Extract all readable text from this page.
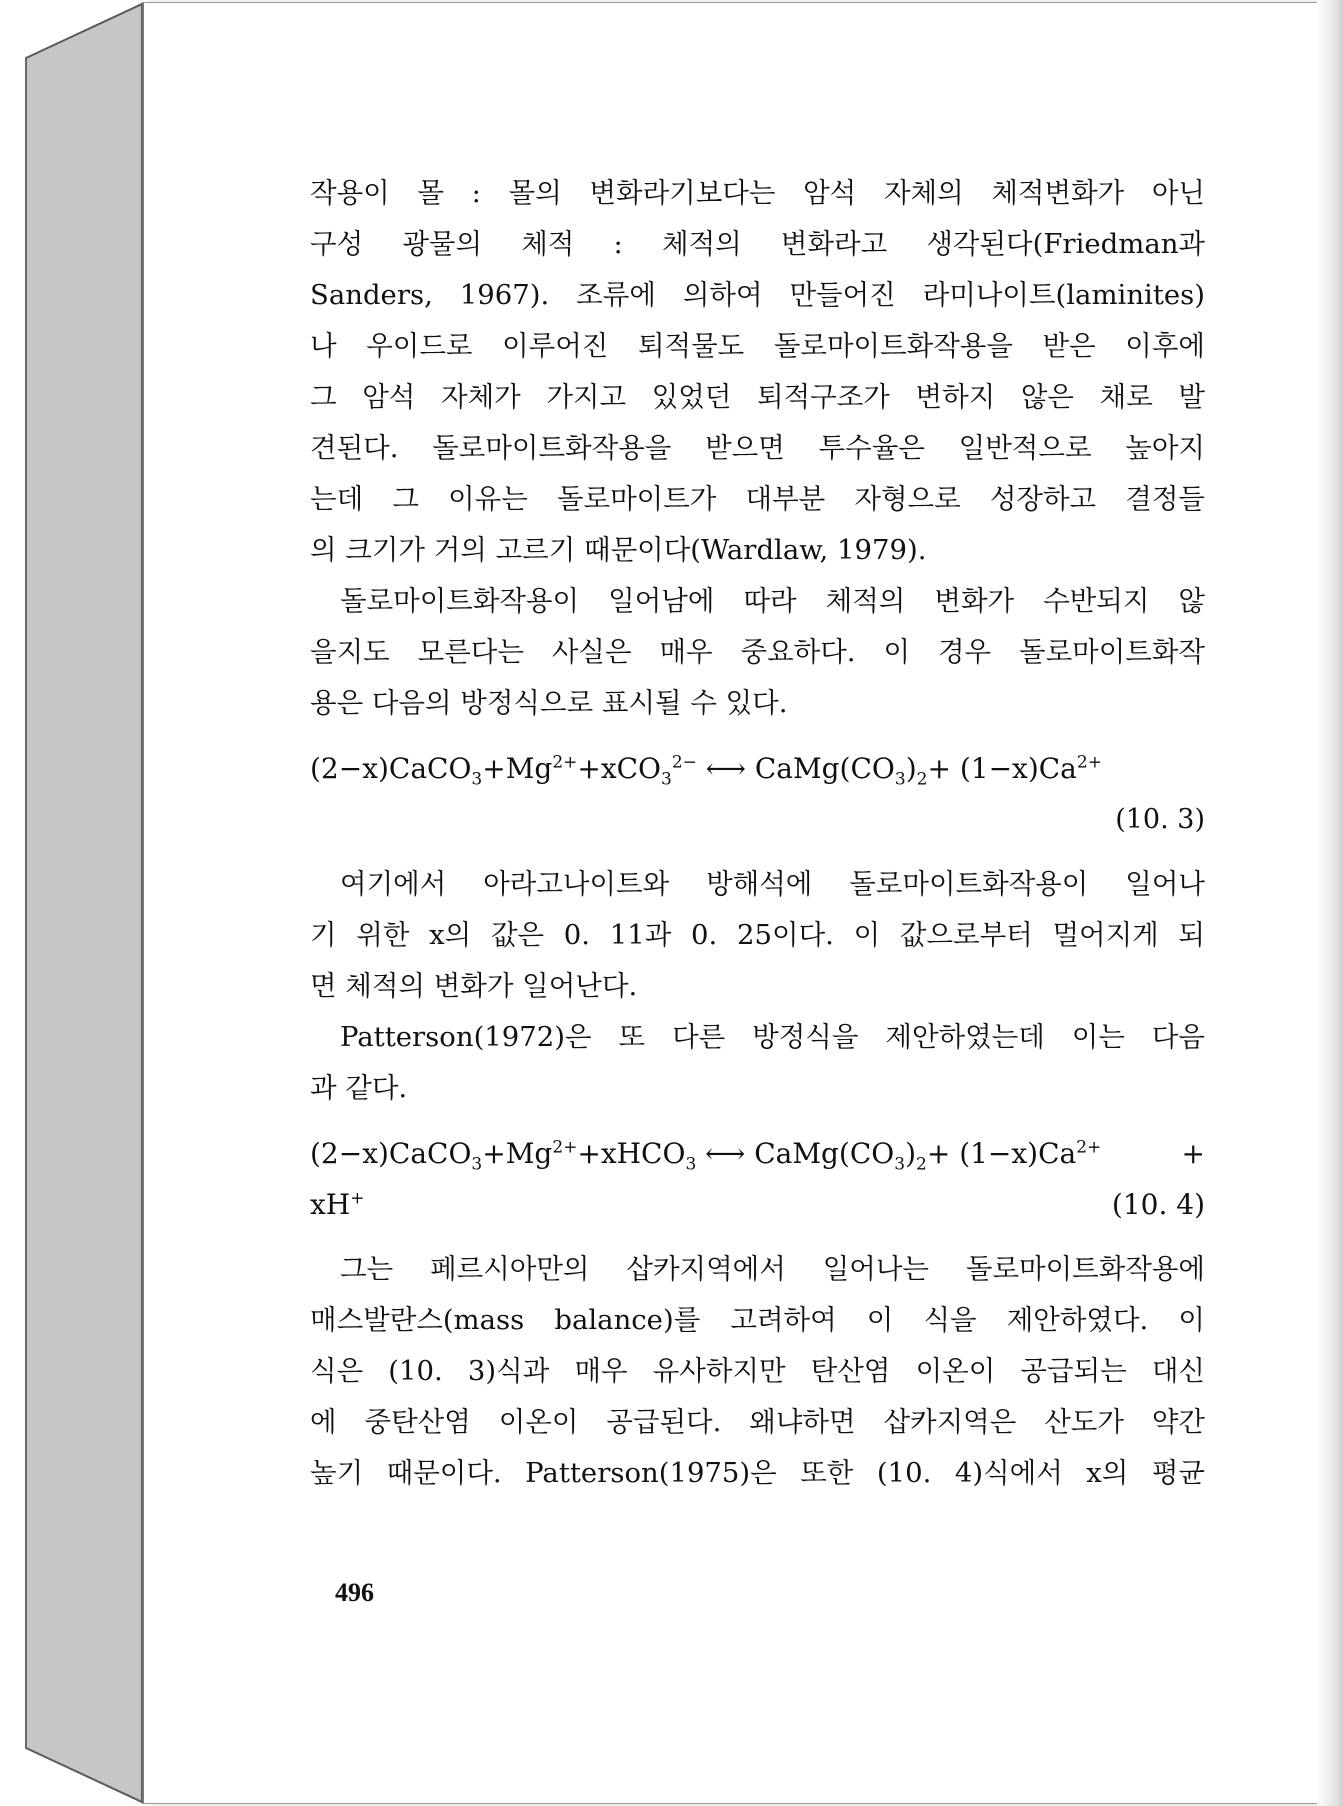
작용이 몰 : 몰의 변화라기보다는 암석 자체의 체적변화가 아닌
구성 광물의 체적 : 체적의 변화라고 생각된다(Friedman과
Sanders, 1967). 조류에 의하여 만들어진 라미나이트(laminites)
나 우이드로 이루어진 퇴적물도 돌로마이트화작용을 받은 이후에
그 암석 자체가 가지고 있었던 퇴적구조가 변하지 않은 채로 발
견된다. 돌로마이트화작용을 받으면 투수율은 일반적으로 높아지
는데 그 이유는 돌로마이트가 대부분 자형으로 성장하고 결정들
의 크기가 거의 고르기 때문이다(Wardlaw, 1979).
돌로마이트화작용이 일어남에 따라 체적의 변화가 수반되지 않
을지도 모른다는 사실은 매우 중요하다. 이 경우 돌로마이트화작
용은 다음의 방정식으로 표시될 수 있다.
$(2-x)CaCO_3+Mg^{2+}+xCO_3^{2-}$ ⟷ $CaMg(CO_3)_2+ (1-x)Ca^{2+}$
(10. 3)
여기에서 아라고나이트와 방해석에 돌로마이트화작용이 일어나
기 위한 x의 값은 0. 11과 0. 25이다. 이 값으로부터 멀어지게 되
면 체적의 변화가 일어난다.
Patterson(1972)은 또 다른 방정식을 제안하였는데 이는 다음
과 같다.
$(2-x)CaCO_3+Mg^{2+}+xHCO_3$ ⟷ $CaMg(CO_3)_2+ (1-x)Ca^{2+}$	+
xH+	(10. 4)
그는 페르시아만의 삽카지역에서 일어나는 돌로마이트화작용에
매스발란스(mass balance)를 고려하여 이 식을 제안하였다. 이
식은 (10. 3)식과 매우 유사하지만 탄산염 이온이 공급되는 대신
에 중탄산염 이온이 공급된다. 왜냐하면 삽카지역은 산도가 약간
높기 때문이다. Patterson(1975)은 또한 (10. 4)식에서 x의 평균
496
